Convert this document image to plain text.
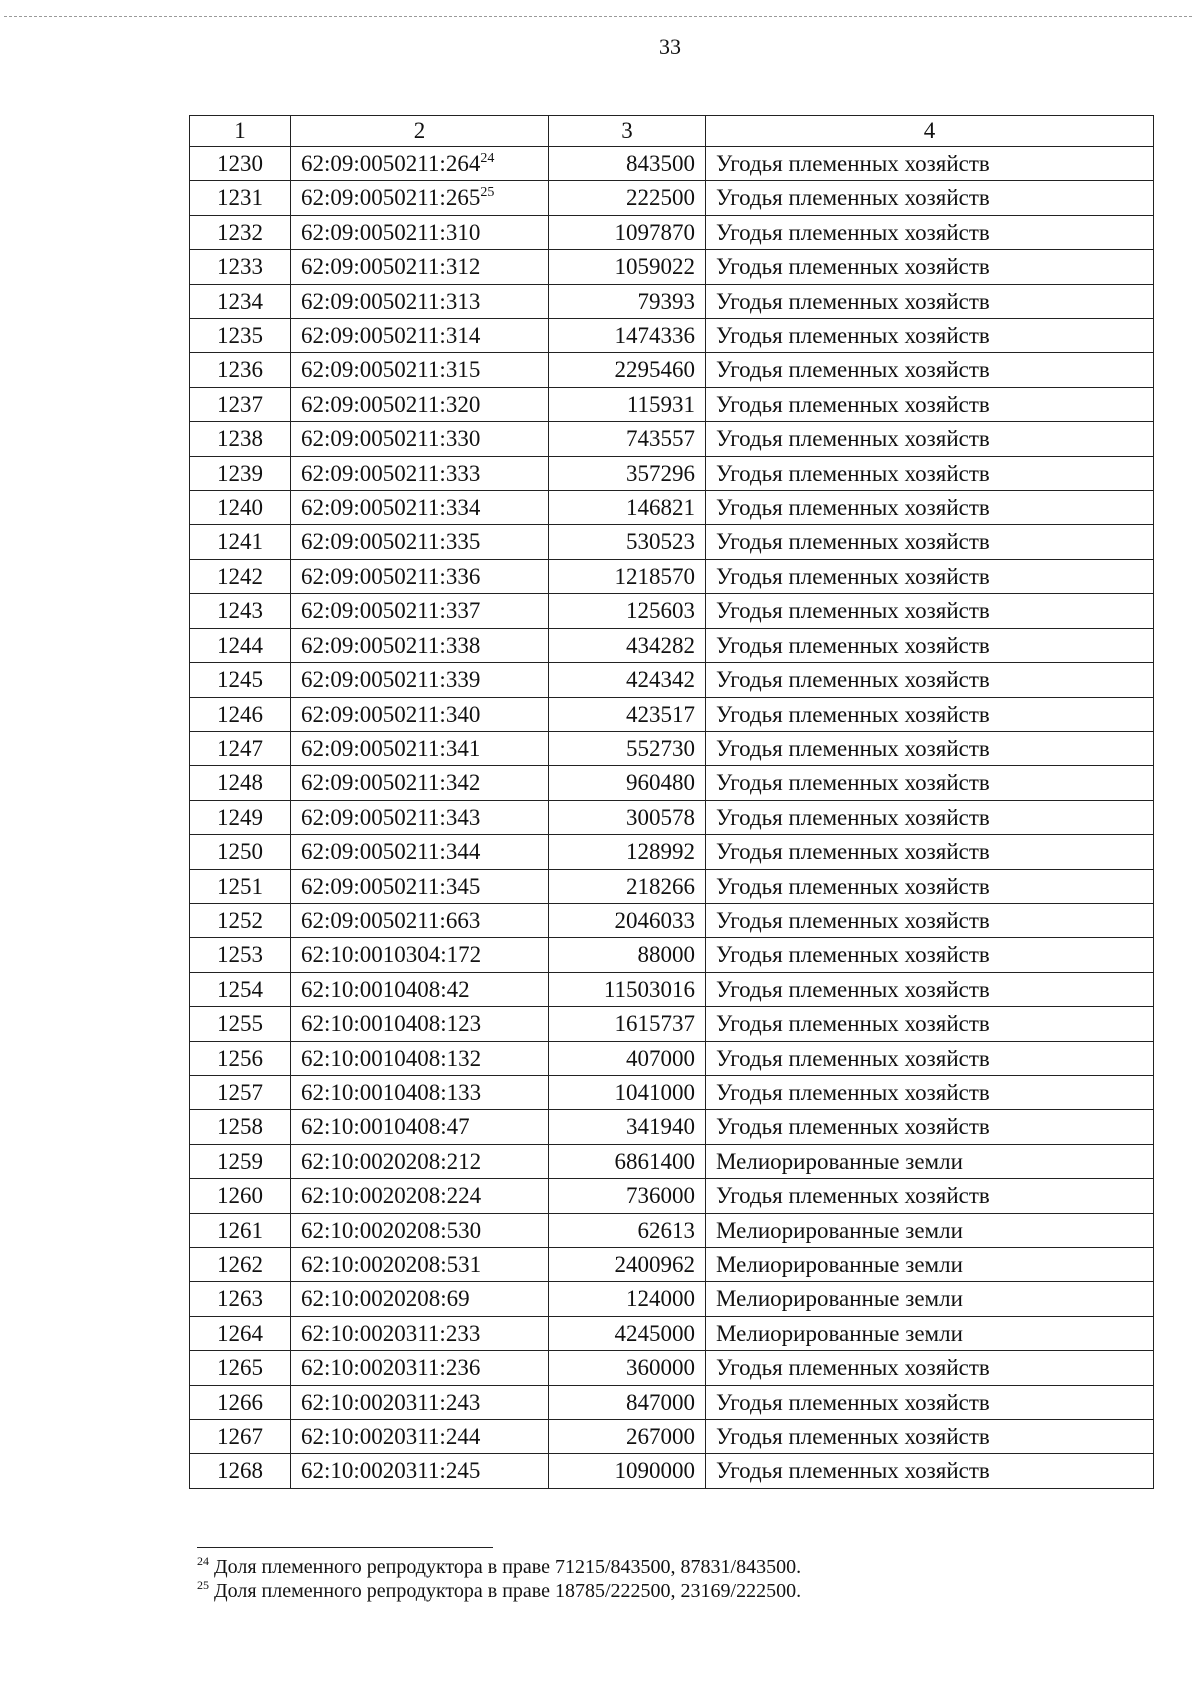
33
1	2	3	4
1230	$62:09:0050211:264^{24}$	843500	Угодья племенных хозяйств
1231	$62:09:0050211:265^{25}$	222500	Угодья племенных хозяйств
1232	62:09:0050211:310	1097870	Угодья племенных хозяйств
1233	62:09:0050211:312	1059022	Угодья племенных хозяйств
1234	62:09:0050211:313	79393	Угодья племенных хозяйств
1235	62:09:0050211:314	1474336	Угодья племенных хозяйств
1236	62:09:0050211:315	2295460	Угодья племенных хозяйств
1237	62:09:0050211:320	115931	Угодья племенных хозяйств
1238	62:09:0050211:330	743557	Угодья племенных хозяйств
1239	62:09:0050211:333	357296	Угодья племенных хозяйств
1240	62:09:0050211:334	146821	Угодья племенных хозяйств
1241	62:09:0050211:335	530523	Угодья племенных хозяйств
1242	62:09:0050211:336	1218570	Угодья племенных хозяйств
1243	62:09:0050211:337	125603	Угодья племенных хозяйств
1244	62:09:0050211:338	434282	Угодья племенных хозяйств
1245	62:09:0050211:339	424342	Угодья племенных хозяйств
1246	62:09:0050211:340	423517	Угодья племенных хозяйств
1247	62:09:0050211:341	552730	Угодья племенных хозяйств
1248	62:09:0050211:342	960480	Угодья племенных хозяйств
1249	62:09:0050211:343	300578	Угодья племенных хозяйств
1250	62:09:0050211:344	128992	Угодья племенных хозяйств
1251	62:09:0050211:345	218266	Угодья племенных хозяйств
1252	62:09:0050211:663	2046033	Угодья племенных хозяйств
1253	62:10:0010304:172	88000	Угодья племенных хозяйств
1254	62:10:0010408:42	11503016	Угодья племенных хозяйств
1255	62:10:0010408:123	1615737	Угодья племенных хозяйств
1256	62:10:0010408:132	407000	Угодья племенных хозяйств
1257	62:10:0010408:133	1041000	Угодья племенных хозяйств
1258	62:10:0010408:47	341940	Угодья племенных хозяйств
1259	62:10:0020208:212	6861400	Мелиорированные земли
1260	62:10:0020208:224	736000	Угодья племенных хозяйств
1261	62:10:0020208:530	62613	Мелиорированные земли
1262	62:10:0020208:531	2400962	Мелиорированные земли
1263	62:10:0020208:69	124000	Мелиорированные земли
1264	62:10:0020311:233	4245000	Мелиорированные земли
1265	62:10:0020311:236	360000	Угодья племенных хозяйств
1266	62:10:0020311:243	847000	Угодья племенных хозяйств
1267	62:10:0020311:244	267000	Угодья племенных хозяйств
1268	62:10:0020311:245	1090000	Угодья племенных хозяйств
$^{24}$ Доля племенного репродуктора в праве 71215/843500, 87831/843500.
$^{25}$ Доля племенного репродуктора в праве 18785/222500, 23169/222500.
